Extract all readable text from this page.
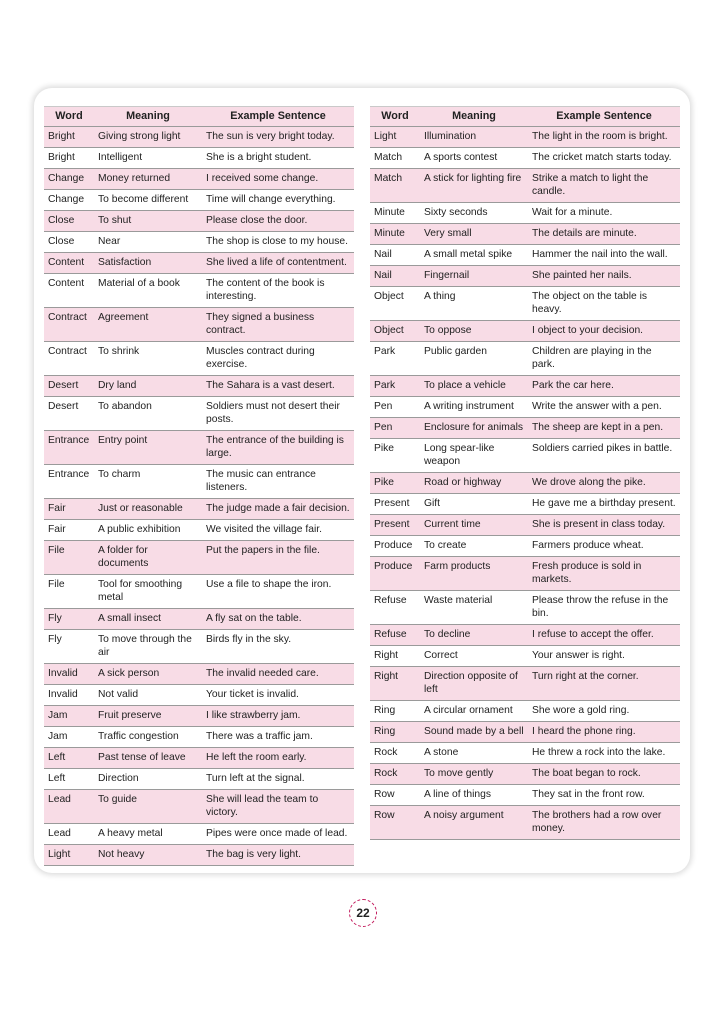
Word	Meaning	Example Sentence
Bright	Giving strong light	The sun is very bright today.
Bright	Intelligent	She is a bright student.
Change	Money returned	I received some change.
Change	To become different	Time will change everything.
Close	To shut	Please close the door.
Close	Near	The shop is close to my house.
Content	Satisfaction	She lived a life of contentment.
Content	Material of a book	The content of the book is interesting.
Contract	Agreement	They signed a business contract.
Contract	To shrink	Muscles contract during exercise.
Desert	Dry land	The Sahara is a vast desert.
Desert	To abandon	Soldiers must not desert their posts.
Entrance	Entry point	The entrance of the building is large.
Entrance	To charm	The music can entrance listeners.
Fair	Just or reasonable	The judge made a fair decision.
Fair	A public exhibition	We visited the village fair.
File	A folder for documents	Put the papers in the file.
File	Tool for smoothing metal	Use a file to shape the iron.
Fly	A small insect	A fly sat on the table.
Fly	To move through the air	Birds fly in the sky.
Invalid	A sick person	The invalid needed care.
Invalid	Not valid	Your ticket is invalid.
Jam	Fruit preserve	I like strawberry jam.
Jam	Traffic congestion	There was a traffic jam.
Left	Past tense of leave	He left the room early.
Left	Direction	Turn left at the signal.
Lead	To guide	She will lead the team to victory.
Lead	A heavy metal	Pipes were once made of lead.
Light	Not heavy	The bag is very light.
Word	Meaning	Example Sentence
Light	Illumination	The light in the room is bright.
Match	A sports contest	The cricket match starts today.
Match	A stick for lighting fire	Strike a match to light the candle.
Minute	Sixty seconds	Wait for a minute.
Minute	Very small	The details are minute.
Nail	A small metal spike	Hammer the nail into the wall.
Nail	Fingernail	She painted her nails.
Object	A thing	The object on the table is heavy.
Object	To oppose	I object to your decision.
Park	Public garden	Children are playing in the park.
Park	To place a vehicle	Park the car here.
Pen	A writing instrument	Write the answer with a pen.
Pen	Enclosure for animals	The sheep are kept in a pen.
Pike	Long spear-like weapon	Soldiers carried pikes in battle.
Pike	Road or highway	We drove along the pike.
Present	Gift	He gave me a birthday present.
Present	Current time	She is present in class today.
Produce	To create	Farmers produce wheat.
Produce	Farm products	Fresh produce is sold in markets.
Refuse	Waste material	Please throw the refuse in the bin.
Refuse	To decline	I refuse to accept the offer.
Right	Correct	Your answer is right.
Right	Direction opposite of left	Turn right at the corner.
Ring	A circular ornament	She wore a gold ring.
Ring	Sound made by a bell	I heard the phone ring.
Rock	A stone	He threw a rock into the lake.
Rock	To move gently	The boat began to rock.
Row	A line of things	They sat in the front row.
Row	A noisy argument	The brothers had a row over money.
22
